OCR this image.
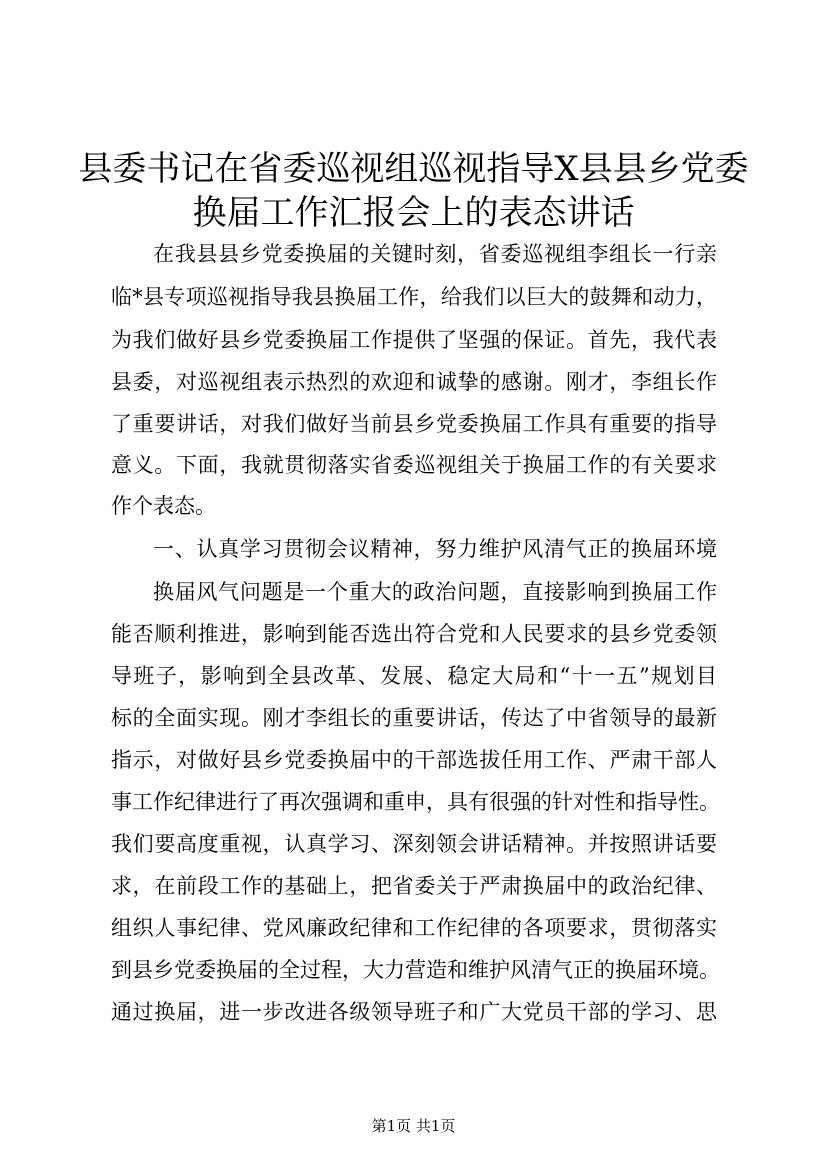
县委书记在省委巡视组巡视指导X县县乡党委
换届工作汇报会上的表态讲话
在我县县乡党委换届的关键时刻，省委巡视组李组长一行亲
临*县专项巡视指导我县换届工作，给我们以巨大的鼓舞和动力，
为我们做好县乡党委换届工作提供了坚强的保证。首先，我代表
县委，对巡视组表示热烈的欢迎和诚挚的感谢。刚才，李组长作
了重要讲话，对我们做好当前县乡党委换届工作具有重要的指导
意义。下面，我就贯彻落实省委巡视组关于换届工作的有关要求
作个表态。
一、认真学习贯彻会议精神，努力维护风清气正的换届环境
换届风气问题是一个重大的政治问题，直接影响到换届工作
能否顺利推进，影响到能否选出符合党和人民要求的县乡党委领
导班子，影响到全县改革、发展、稳定大局和“十一五”规划目
标的全面实现。刚才李组长的重要讲话，传达了中省领导的最新
指示，对做好县乡党委换届中的干部选拔任用工作、严肃干部人
事工作纪律进行了再次强调和重申，具有很强的针对性和指导性。
我们要高度重视，认真学习、深刻领会讲话精神。并按照讲话要
求，在前段工作的基础上，把省委关于严肃换届中的政治纪律、
组织人事纪律、党风廉政纪律和工作纪律的各项要求，贯彻落实
到县乡党委换届的全过程，大力营造和维护风清气正的换届环境。
通过换届，进一步改进各级领导班子和广大党员干部的学习、思
第1页 共1页
